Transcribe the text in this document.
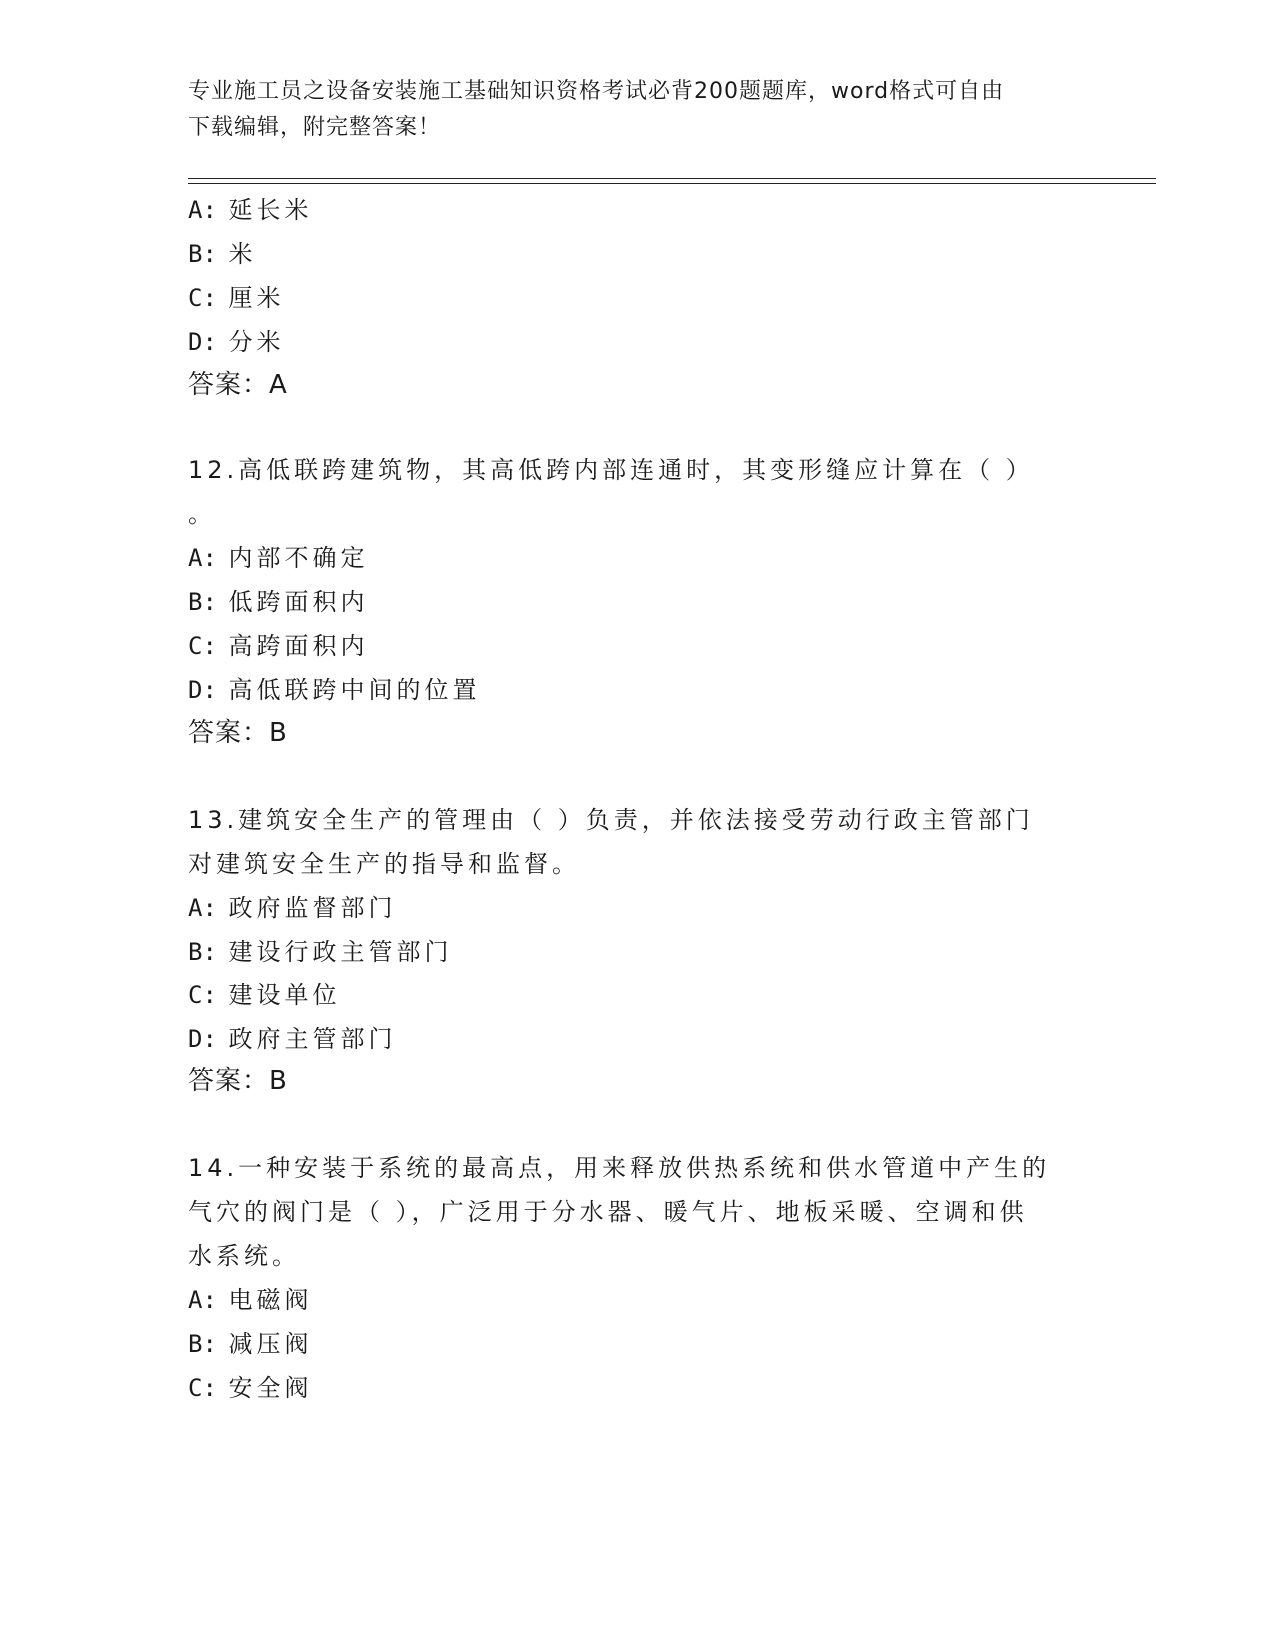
专业施工员之设备安装施工基础知识资格考试必背200题题库，word格式可自由
下载编辑，附完整答案！
A: 延长米
B: 米
C: 厘米
D: 分米
答案：A
12.高低联跨建筑物，其高低跨内部连通时，其变形缝应计算在（ ）
。
A: 内部不确定
B: 低跨面积内
C: 高跨面积内
D: 高低联跨中间的位置
答案：B
13.建筑安全生产的管理由（ ）负责，并依法接受劳动行政主管部门
对建筑安全生产的指导和监督。
A: 政府监督部门
B: 建设行政主管部门
C: 建设单位
D: 政府主管部门
答案：B
14.一种安装于系统的最高点，用来释放供热系统和供水管道中产生的
气穴的阀门是（ ），广泛用于分水器、暖气片、地板采暖、空调和供
水系统。
A: 电磁阀
B: 减压阀
C: 安全阀
